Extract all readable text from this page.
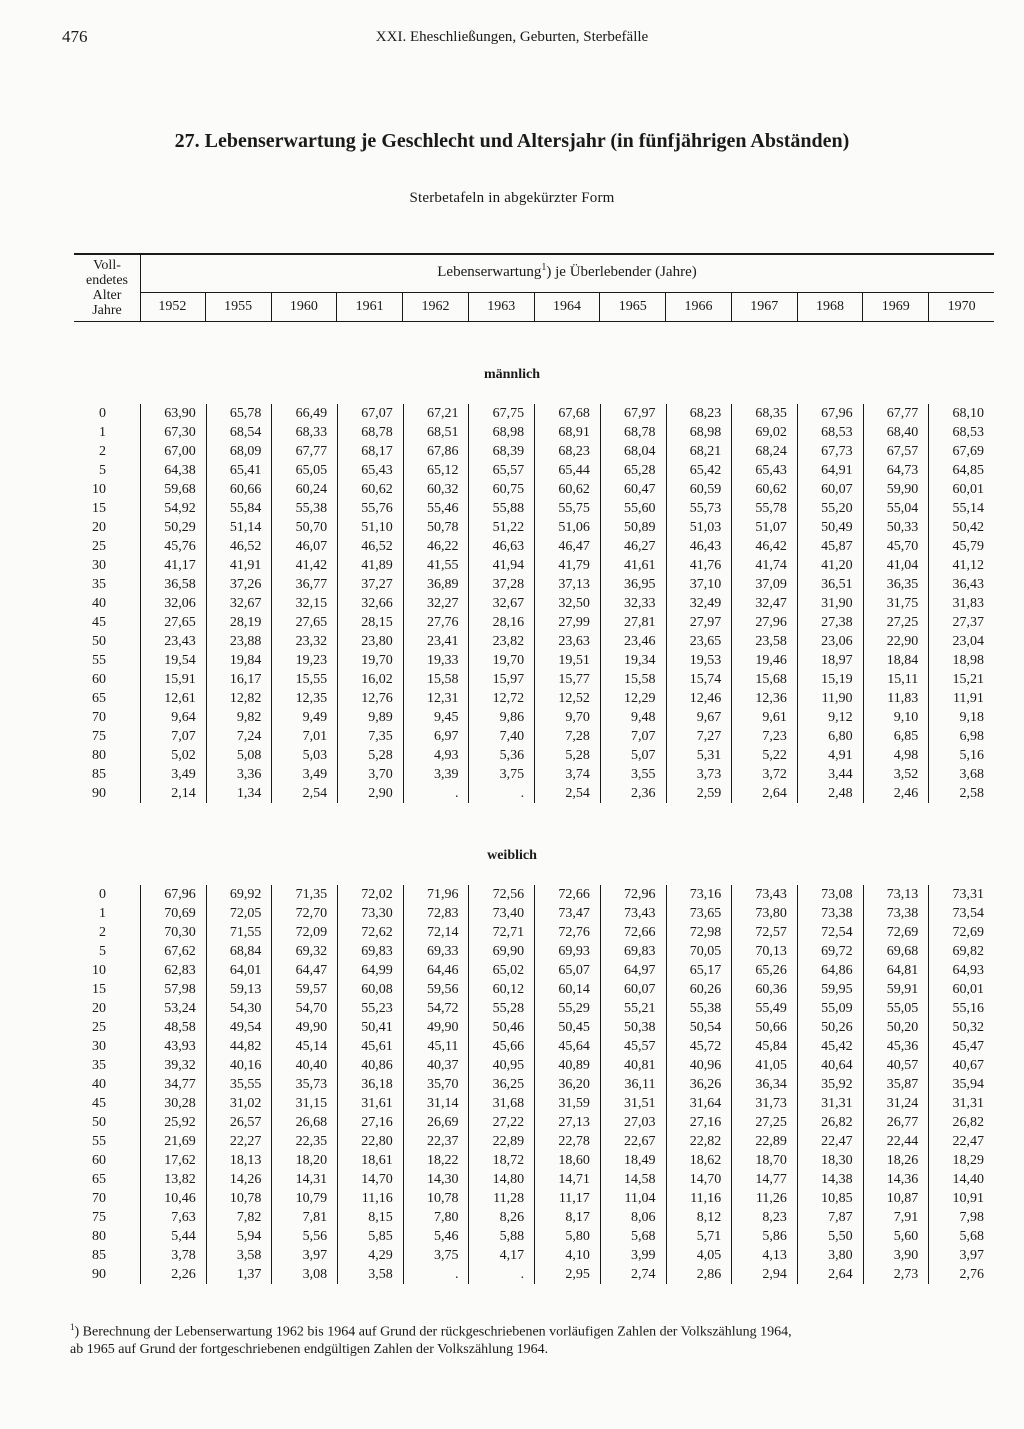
476	XXI. Eheschließungen, Geburten, Sterbefälle
27. Lebenserwartung je Geschlecht und Altersjahr (in fünfjährigen Abständen)
Sterbetafeln in abgekürzter Form
Voll-
endetes
Alter
Jahre
Lebenserwartung$^1$) je Überlebender (Jahre)
1952	1955	1960	1961	1962	1963	1964	1965	1966	1967	1968	1969	1970
männlich
0	63,90	65,78	66,49	67,07	67,21	67,75	67,68	67,97	68,23	68,35	67,96	67,77	68,10
1	67,30	68,54	68,33	68,78	68,51	68,98	68,91	68,78	68,98	69,02	68,53	68,40	68,53
2	67,00	68,09	67,77	68,17	67,86	68,39	68,23	68,04	68,21	68,24	67,73	67,57	67,69
5	64,38	65,41	65,05	65,43	65,12	65,57	65,44	65,28	65,42	65,43	64,91	64,73	64,85
10	59,68	60,66	60,24	60,62	60,32	60,75	60,62	60,47	60,59	60,62	60,07	59,90	60,01
15	54,92	55,84	55,38	55,76	55,46	55,88	55,75	55,60	55,73	55,78	55,20	55,04	55,14
20	50,29	51,14	50,70	51,10	50,78	51,22	51,06	50,89	51,03	51,07	50,49	50,33	50,42
25	45,76	46,52	46,07	46,52	46,22	46,63	46,47	46,27	46,43	46,42	45,87	45,70	45,79
30	41,17	41,91	41,42	41,89	41,55	41,94	41,79	41,61	41,76	41,74	41,20	41,04	41,12
35	36,58	37,26	36,77	37,27	36,89	37,28	37,13	36,95	37,10	37,09	36,51	36,35	36,43
40	32,06	32,67	32,15	32,66	32,27	32,67	32,50	32,33	32,49	32,47	31,90	31,75	31,83
45	27,65	28,19	27,65	28,15	27,76	28,16	27,99	27,81	27,97	27,96	27,38	27,25	27,37
50	23,43	23,88	23,32	23,80	23,41	23,82	23,63	23,46	23,65	23,58	23,06	22,90	23,04
55	19,54	19,84	19,23	19,70	19,33	19,70	19,51	19,34	19,53	19,46	18,97	18,84	18,98
60	15,91	16,17	15,55	16,02	15,58	15,97	15,77	15,58	15,74	15,68	15,19	15,11	15,21
65	12,61	12,82	12,35	12,76	12,31	12,72	12,52	12,29	12,46	12,36	11,90	11,83	11,91
70	9,64	9,82	9,49	9,89	9,45	9,86	9,70	9,48	9,67	9,61	9,12	9,10	9,18
75	7,07	7,24	7,01	7,35	6,97	7,40	7,28	7,07	7,27	7,23	6,80	6,85	6,98
80	5,02	5,08	5,03	5,28	4,93	5,36	5,28	5,07	5,31	5,22	4,91	4,98	5,16
85	3,49	3,36	3,49	3,70	3,39	3,75	3,74	3,55	3,73	3,72	3,44	3,52	3,68
90	2,14	1,34	2,54	2,90	.	.	2,54	2,36	2,59	2,64	2,48	2,46	2,58
weiblich
0	67,96	69,92	71,35	72,02	71,96	72,56	72,66	72,96	73,16	73,43	73,08	73,13	73,31
1	70,69	72,05	72,70	73,30	72,83	73,40	73,47	73,43	73,65	73,80	73,38	73,38	73,54
2	70,30	71,55	72,09	72,62	72,14	72,71	72,76	72,66	72,98	72,57	72,54	72,69	72,69
5	67,62	68,84	69,32	69,83	69,33	69,90	69,93	69,83	70,05	70,13	69,72	69,68	69,82
10	62,83	64,01	64,47	64,99	64,46	65,02	65,07	64,97	65,17	65,26	64,86	64,81	64,93
15	57,98	59,13	59,57	60,08	59,56	60,12	60,14	60,07	60,26	60,36	59,95	59,91	60,01
20	53,24	54,30	54,70	55,23	54,72	55,28	55,29	55,21	55,38	55,49	55,09	55,05	55,16
25	48,58	49,54	49,90	50,41	49,90	50,46	50,45	50,38	50,54	50,66	50,26	50,20	50,32
30	43,93	44,82	45,14	45,61	45,11	45,66	45,64	45,57	45,72	45,84	45,42	45,36	45,47
35	39,32	40,16	40,40	40,86	40,37	40,95	40,89	40,81	40,96	41,05	40,64	40,57	40,67
40	34,77	35,55	35,73	36,18	35,70	36,25	36,20	36,11	36,26	36,34	35,92	35,87	35,94
45	30,28	31,02	31,15	31,61	31,14	31,68	31,59	31,51	31,64	31,73	31,31	31,24	31,31
50	25,92	26,57	26,68	27,16	26,69	27,22	27,13	27,03	27,16	27,25	26,82	26,77	26,82
55	21,69	22,27	22,35	22,80	22,37	22,89	22,78	22,67	22,82	22,89	22,47	22,44	22,47
60	17,62	18,13	18,20	18,61	18,22	18,72	18,60	18,49	18,62	18,70	18,30	18,26	18,29
65	13,82	14,26	14,31	14,70	14,30	14,80	14,71	14,58	14,70	14,77	14,38	14,36	14,40
70	10,46	10,78	10,79	11,16	10,78	11,28	11,17	11,04	11,16	11,26	10,85	10,87	10,91
75	7,63	7,82	7,81	8,15	7,80	8,26	8,17	8,06	8,12	8,23	7,87	7,91	7,98
80	5,44	5,94	5,56	5,85	5,46	5,88	5,80	5,68	5,71	5,86	5,50	5,60	5,68
85	3,78	3,58	3,97	4,29	3,75	4,17	4,10	3,99	4,05	4,13	3,80	3,90	3,97
90	2,26	1,37	3,08	3,58	.	.	2,95	2,74	2,86	2,94	2,64	2,73	2,76
$^1$) Berechnung der Lebenserwartung 1962 bis 1964 auf Grund der rückgeschriebenen vorläufigen Zahlen der Volkszählung 1964,
ab 1965 auf Grund der fortgeschriebenen endgültigen Zahlen der Volkszählung 1964.
